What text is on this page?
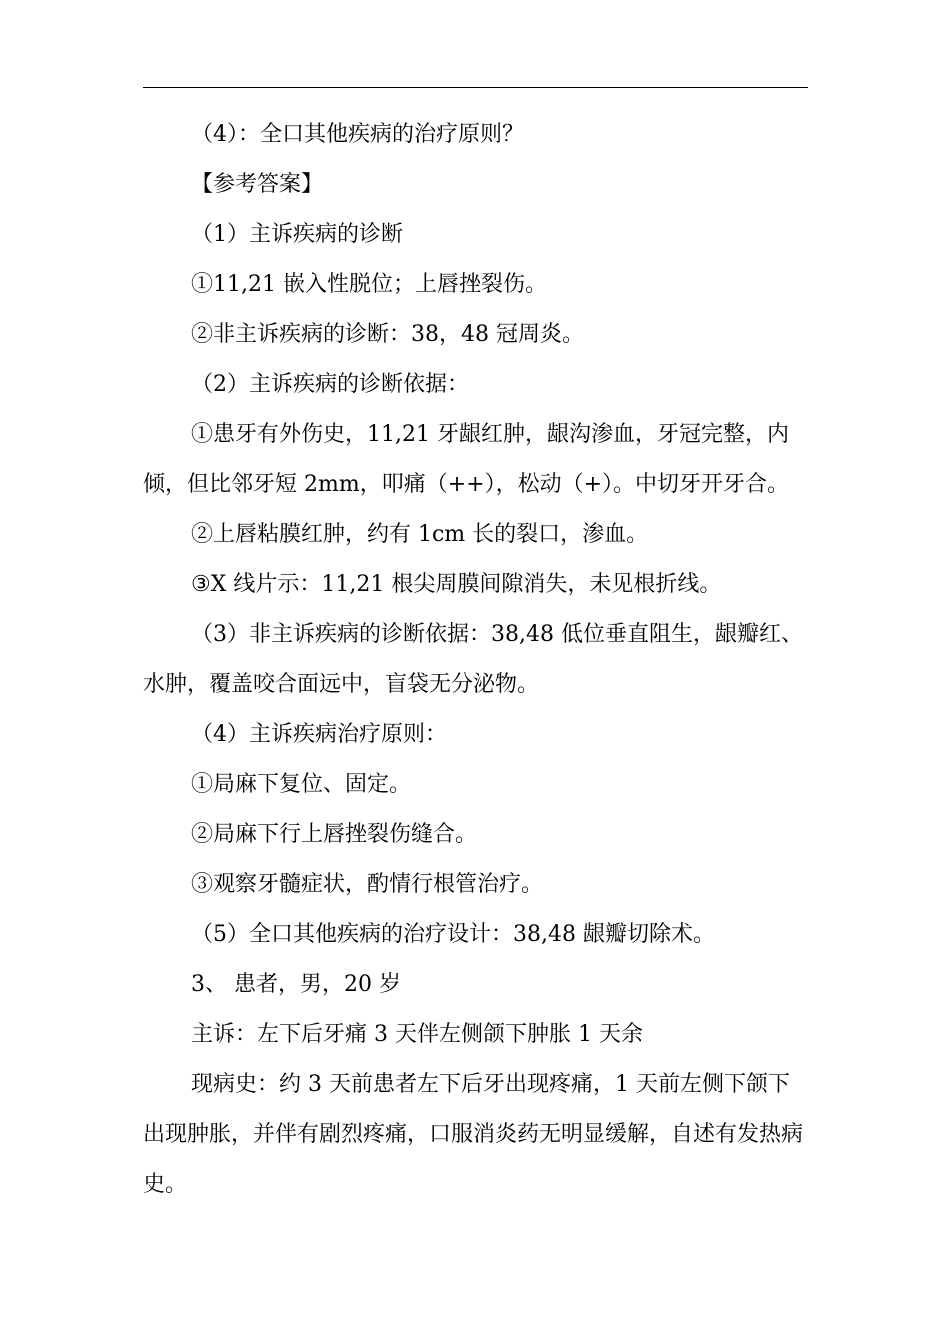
（4）：全口其他疾病的治疗原则？

【参考答案】

（1）主诉疾病的诊断

①11,21 嵌入性脱位；上唇挫裂伤。

②非主诉疾病的诊断：38，48 冠周炎。

（2）主诉疾病的诊断依据：

①患牙有外伤史，11,21 牙龈红肿，龈沟渗血，牙冠完整，内倾，但比邻牙短 2mm，叩痛（++），松动（+）。中切牙开牙合。

②上唇粘膜红肿，约有 1cm 长的裂口，渗血。

③X 线片示：11,21 根尖周膜间隙消失，未见根折线。

（3）非主诉疾病的诊断依据：38,48 低位垂直阻生，龈瓣红、水肿，覆盖咬合面远中，盲袋无分泌物。

（4）主诉疾病治疗原则：

①局麻下复位、固定。

②局麻下行上唇挫裂伤缝合。

③观察牙髓症状，酌情行根管治疗。

（5）全口其他疾病的治疗设计：38,48 龈瓣切除术。

3、 患者，男，20 岁

主诉：左下后牙痛 3 天伴左侧颌下肿胀 1 天余

现病史：约 3 天前患者左下后牙出现疼痛，1 天前左侧下颌下出现肿胀，并伴有剧烈疼痛，口服消炎药无明显缓解，自述有发热病史。
